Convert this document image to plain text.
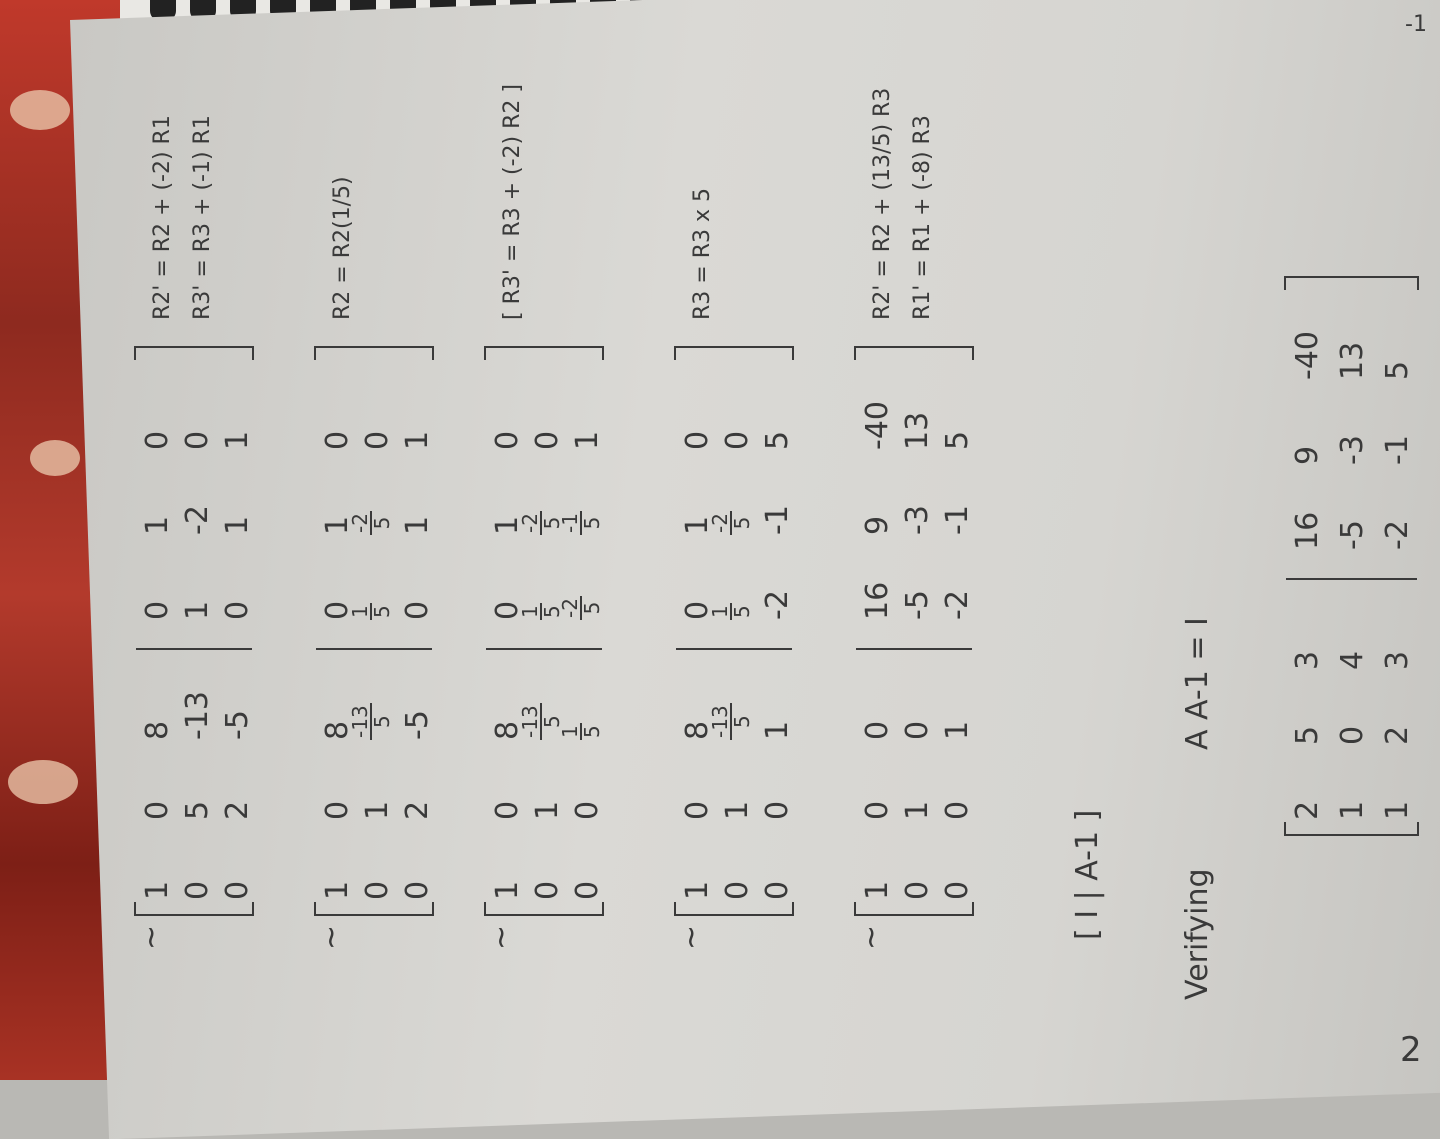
~
1
0
8
0
5
-13
0
2
-5
0
1
0
1
-2
0
0
1
1
R2' = R2 + (-2) R1 R3' = R3 + (-1) R1
~
1
0
8
0
1
-13
5
0
2
-5
0
1
0
1
5
-2
5
0
0
1
1
R2 = R2(1/5)
~
1
0
8
0
1
-13
5
0
0
1
5
0
1
0
1
5
-2
5
0
-2
5
-1
5
1
[ R3' = R3 + (-2) R2 ]
~
1
0
8
0
1
-13
5
0
0
1
0
1
0
1
5
-2
5
0
-2
-1
5
R3 = R3 x 5
~
1
0
0
0
1
0
0
0
1
16
9
-40
-5
-3
13
-2
-1
5
R2' = R2 + (13/5) R3 R1' = R1 + (-8) R3
[ I | A-1 ]	Verifying
A A-1 = I
2
5
3
1
0
4
1
2
3
16
9
-40
-5
-3
13
-2
-1
5
2
-1
